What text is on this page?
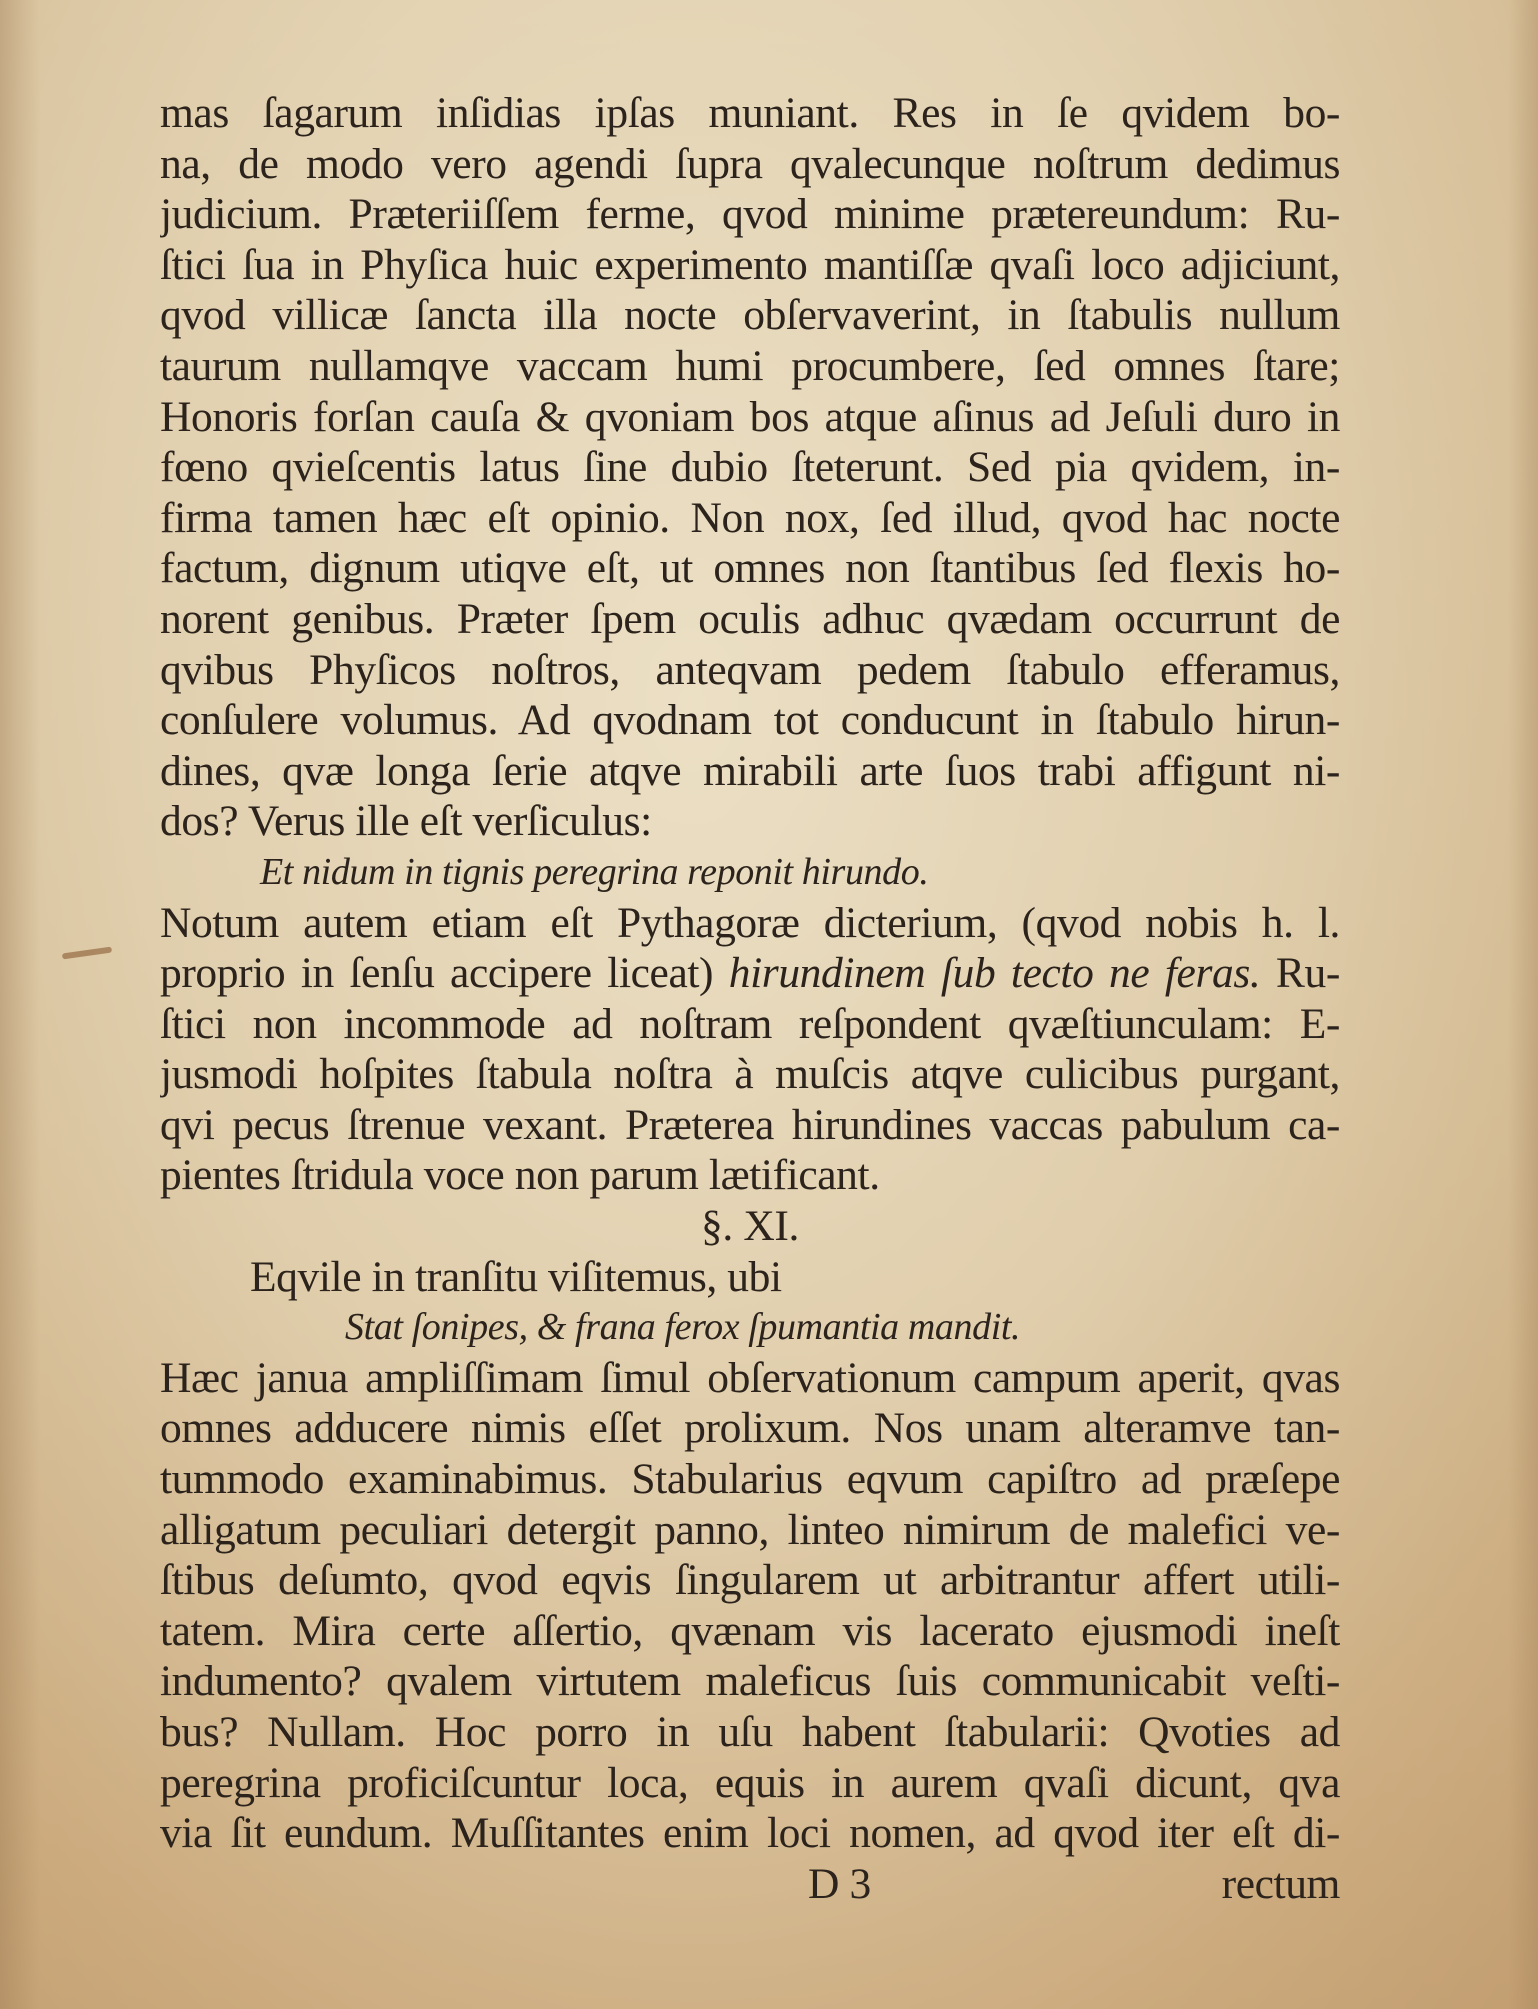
mas ſagarum inſidias ipſas muniant. Res in ſe qvidem bo-
na, de modo vero agendi ſupra qvalecunque noſtrum dedimus
judicium. Præteriiſſem ferme, qvod minime prætereundum: Ru-
ſtici ſua in Phyſica huic experimento mantiſſæ qvaſi loco adjiciunt,
qvod villicæ ſancta illa nocte obſervaverint, in ſtabulis nullum
taurum nullamqve vaccam humi procumbere, ſed omnes ſtare;
Honoris forſan cauſa & qvoniam bos atque aſinus ad Jeſuli duro in
fœno qvieſcentis latus ſine dubio ſteterunt. Sed pia qvidem, in-
firma tamen hæc eſt opinio. Non nox, ſed illud, qvod hac nocte
factum, dignum utiqve eſt, ut omnes non ſtantibus ſed flexis ho-
norent genibus. Præter ſpem oculis adhuc qvædam occurrunt de
qvibus Phyſicos noſtros, anteqvam pedem ſtabulo efferamus,
conſulere volumus. Ad qvodnam tot conducunt in ſtabulo hirun-
dines, qvæ longa ſerie atqve mirabili arte ſuos trabi affigunt ni-
dos? Verus ille eſt verſiculus:
Et nidum in tignis peregrina reponit hirundo.
Notum autem etiam eſt Pythagoræ dicterium, (qvod nobis h. l.
proprio in ſenſu accipere liceat) hirundinem ſub tecto ne feras. Ru-
ſtici non incommode ad noſtram reſpondent qvæſtiunculam: E-
jusmodi hoſpites ſtabula noſtra à muſcis atqve culicibus purgant,
qvi pecus ſtrenue vexant. Præterea hirundines vaccas pabulum ca-
pientes ſtridula voce non parum lætificant.
§. XI.
Eqvile in tranſitu viſitemus, ubi
Stat ſonipes, & frana ferox ſpumantia mandit.
Hæc janua ampliſſimam ſimul obſervationum campum aperit, qvas
omnes adducere nimis eſſet prolixum. Nos unam alteramve tan-
tummodo examinabimus. Stabularius eqvum capiſtro ad præſepe
alligatum peculiari detergit panno, linteo nimirum de malefici ve-
ſtibus deſumto, qvod eqvis ſingularem ut arbitrantur affert utili-
tatem. Mira certe aſſertio, qvænam vis lacerato ejusmodi ineſt
indumento? qvalem virtutem maleficus ſuis communicabit veſti-
bus? Nullam. Hoc porro in uſu habent ſtabularii: Qvoties ad
peregrina proficiſcuntur loca, equis in aurem qvaſi dicunt, qva
via ſit eundum. Muſſitantes enim loci nomen, ad qvod iter eſt di-
D 3	rectum
